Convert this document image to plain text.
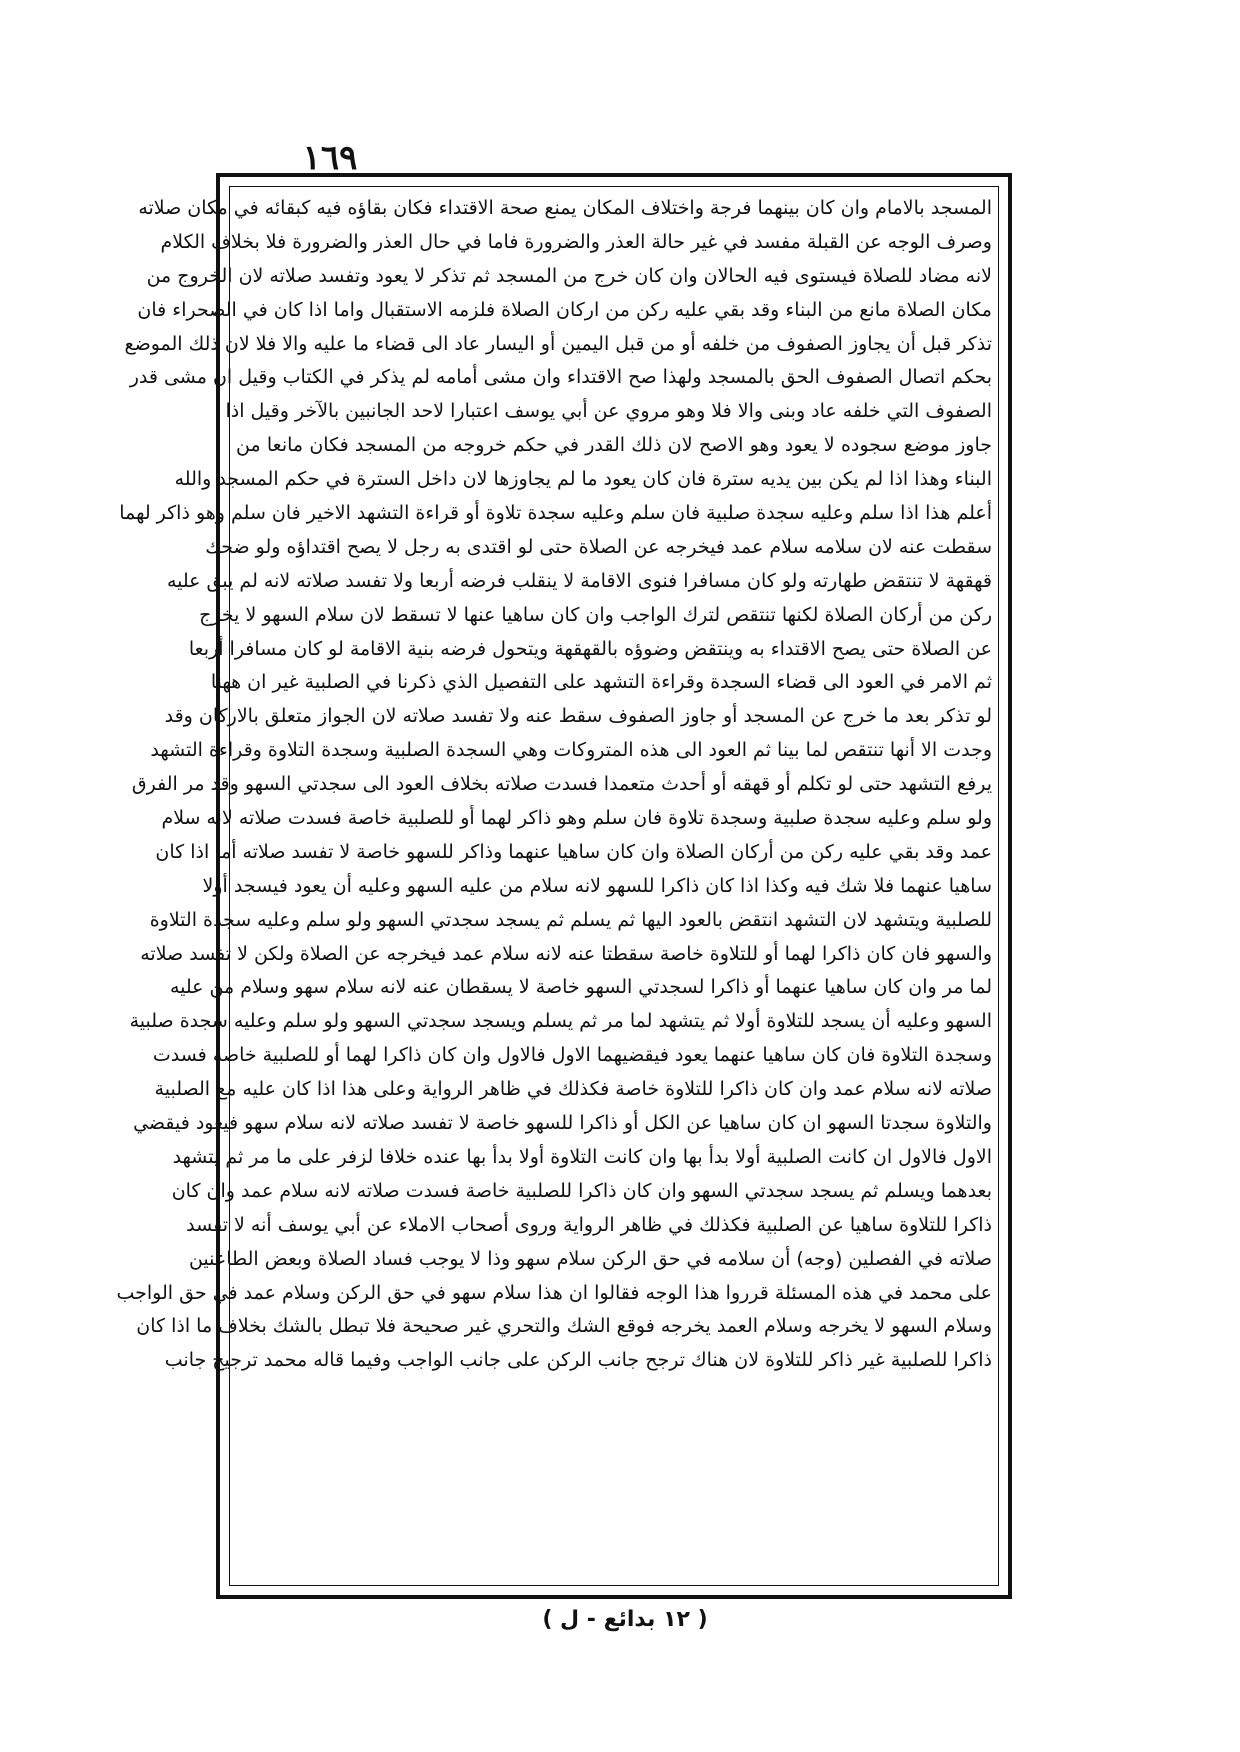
١٦٩
المسجد بالامام وان كان بينهما فرجة واختلاف المكان يمنع صحة الاقتداء فكان بقاؤه فيه كبقائه في مكان صلاته
وصرف الوجه عن القبلة مفسد في غير حالة العذر والضرورة فاما في حال العذر والضرورة فلا بخلاف الكلام
لانه مضاد للصلاة فيستوى فيه الحالان وان كان خرج من المسجد ثم تذكر لا يعود وتفسد صلاته لان الخروج من
مكان الصلاة مانع من البناء وقد بقي عليه ركن من اركان الصلاة فلزمه الاستقبال واما اذا كان في الصحراء فان
تذكر قبل أن يجاوز الصفوف من خلفه أو من قبل اليمين أو اليسار عاد الى قضاء ما عليه والا فلا لان ذلك الموضع
بحكم اتصال الصفوف الحق بالمسجد ولهذا صح الاقتداء وان مشى أمامه لم يذكر في الكتاب وقيل ان مشى قدر
الصفوف التي خلفه عاد وبنى والا فلا وهو مروي عن أبي يوسف اعتبارا لاحد الجانبين بالآخر وقيل اذا
جاوز موضع سجوده لا يعود وهو الاصح لان ذلك القدر في حكم خروجه من المسجد فكان مانعا من
البناء وهذا اذا لم يكن بين يديه سترة فان كان يعود ما لم يجاوزها لان داخل السترة في حكم المسجد والله
أعلم هذا اذا سلم وعليه سجدة صلبية فان سلم وعليه سجدة تلاوة أو قراءة التشهد الاخير فان سلم وهو ذاكر لهما
سقطت عنه لان سلامه سلام عمد فيخرجه عن الصلاة حتى لو اقتدى به رجل لا يصح اقتداؤه ولو ضحك
قهقهة لا تنتقض طهارته ولو كان مسافرا فنوى الاقامة لا ينقلب فرضه أربعا ولا تفسد صلاته لانه لم يبق عليه
ركن من أركان الصلاة لكنها تنتقص لترك الواجب وان كان ساهيا عنها لا تسقط لان سلام السهو لا يخرج
عن الصلاة حتى يصح الاقتداء به وينتقض وضوؤه بالقهقهة ويتحول فرضه بنية الاقامة لو كان مسافرا أربعا
ثم الامر في العود الى قضاء السجدة وقراءة التشهد على التفصيل الذي ذكرنا في الصلبية غير ان ههنا
لو تذكر بعد ما خرج عن المسجد أو جاوز الصفوف سقط عنه ولا تفسد صلاته لان الجواز متعلق بالاركان وقد
وجدت الا أنها تنتقص لما بينا ثم العود الى هذه المتروكات وهي السجدة الصلبية وسجدة التلاوة وقراءة التشهد
يرفع التشهد حتى لو تكلم أو قهقه أو أحدث متعمدا فسدت صلاته بخلاف العود الى سجدتي السهو وقد مر الفرق
ولو سلم وعليه سجدة صلبية وسجدة تلاوة فان سلم وهو ذاكر لهما أو للصلبية خاصة فسدت صلاته لانه سلام
عمد وقد بقي عليه ركن من أركان الصلاة وان كان ساهيا عنهما وذاكر للسهو خاصة لا تفسد صلاته أما اذا كان
ساهيا عنهما فلا شك فيه وكذا اذا كان ذاكرا للسهو لانه سلام من عليه السهو وعليه أن يعود فيسجد أولا
للصلبية ويتشهد لان التشهد انتقض بالعود اليها ثم يسلم ثم يسجد سجدتي السهو ولو سلم وعليه سجدة التلاوة
والسهو فان كان ذاكرا لهما أو للتلاوة خاصة سقطتا عنه لانه سلام عمد فيخرجه عن الصلاة ولكن لا تفسد صلاته
لما مر وان كان ساهيا عنهما أو ذاكرا لسجدتي السهو خاصة لا يسقطان عنه لانه سلام سهو وسلام من عليه
السهو وعليه أن يسجد للتلاوة أولا ثم يتشهد لما مر ثم يسلم ويسجد سجدتي السهو ولو سلم وعليه سجدة صلبية
وسجدة التلاوة فان كان ساهيا عنهما يعود فيقضيهما الاول فالاول وان كان ذاكرا لهما أو للصلبية خاصة فسدت
صلاته لانه سلام عمد وان كان ذاكرا للتلاوة خاصة فكذلك في ظاهر الرواية وعلى هذا اذا كان عليه مع الصلبية
والتلاوة سجدتا السهو ان كان ساهيا عن الكل أو ذاكرا للسهو خاصة لا تفسد صلاته لانه سلام سهو فيعود فيقضي
الاول فالاول ان كانت الصلبية أولا بدأ بها وان كانت التلاوة أولا بدأ بها عنده خلافا لزفر على ما مر ثم يتشهد
بعدهما ويسلم ثم يسجد سجدتي السهو وان كان ذاكرا للصلبية خاصة فسدت صلاته لانه سلام عمد وان كان
ذاكرا للتلاوة ساهيا عن الصلبية فكذلك في ظاهر الرواية وروى أصحاب الاملاء عن أبي يوسف أنه لا تفسد
صلاته في الفصلين (وجه) أن سلامه في حق الركن سلام سهو وذا لا يوجب فساد الصلاة وبعض الطاعنين
على محمد في هذه المسئلة قرروا هذا الوجه فقالوا ان هذا سلام سهو في حق الركن وسلام عمد في حق الواجب
وسلام السهو لا يخرجه وسلام العمد يخرجه فوقع الشك والتحري غير صحيحة فلا تبطل بالشك بخلاف ما اذا كان
ذاكرا للصلبية غير ذاكر للتلاوة لان هناك ترجح جانب الركن على جانب الواجب وفيما قاله محمد ترجيح جانب
( ١٢ بدائع - ل )
